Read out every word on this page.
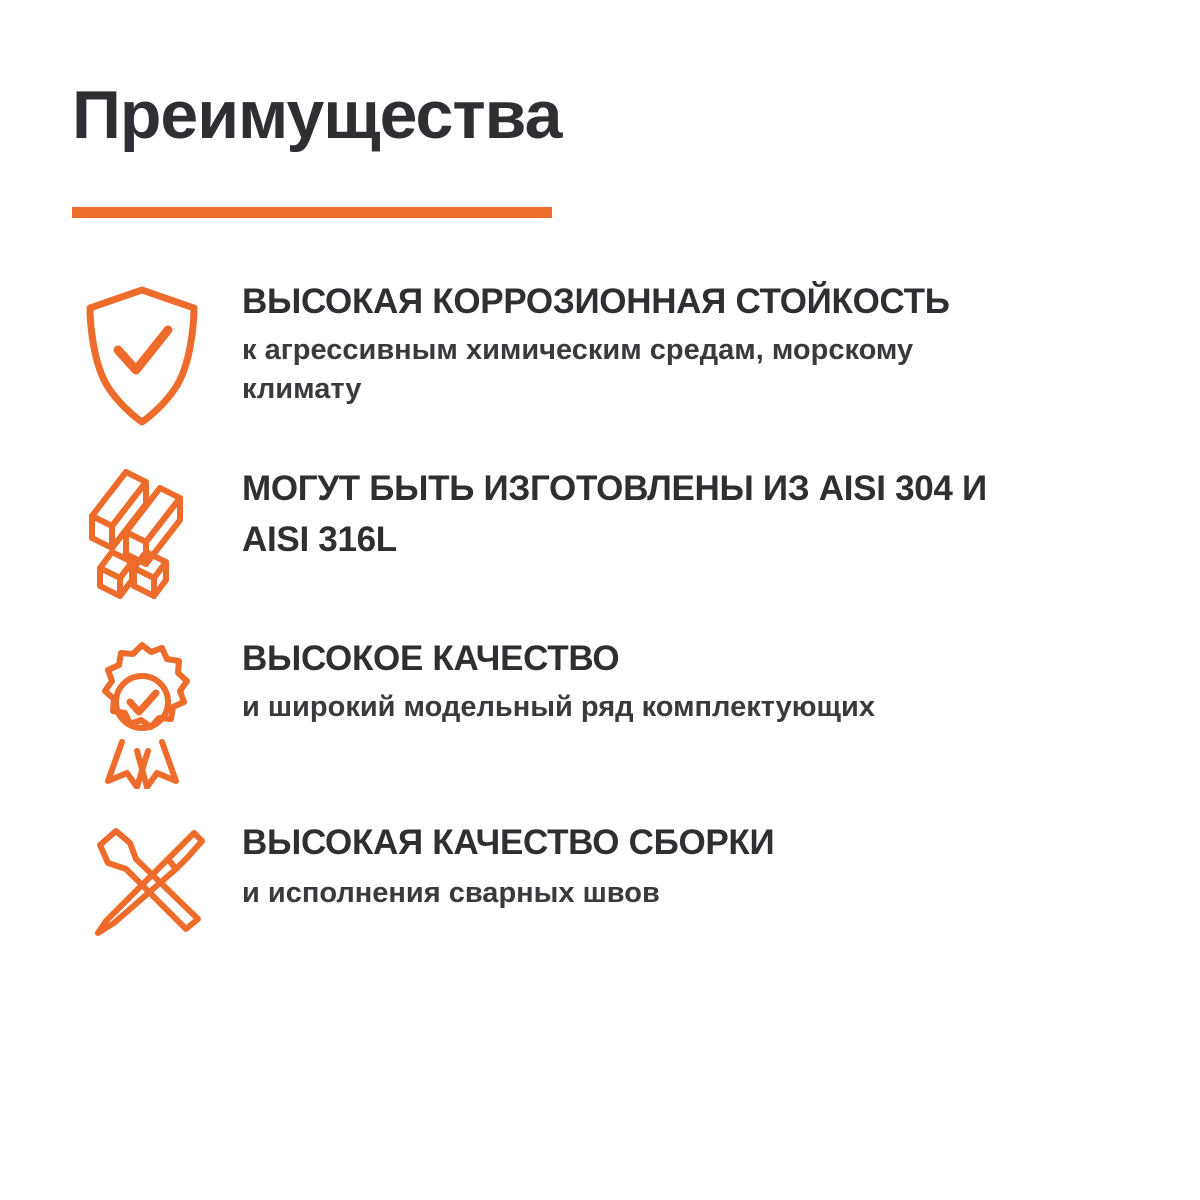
Преимущества

ВЫСОКАЯ КОРРОЗИОННАЯ СТОЙКОСТЬ

к агрессивным химическим средам, морскому климату

МОГУТ БЫТЬ ИЗГОТОВЛЕНЫ ИЗ AISI 304 И AISI 316L

ВЫСОКОЕ КАЧЕСТВО

и широкий модельный ряд комплектующих

ВЫСОКАЯ КАЧЕСТВО СБОРКИ

и исполнения сварных швов
